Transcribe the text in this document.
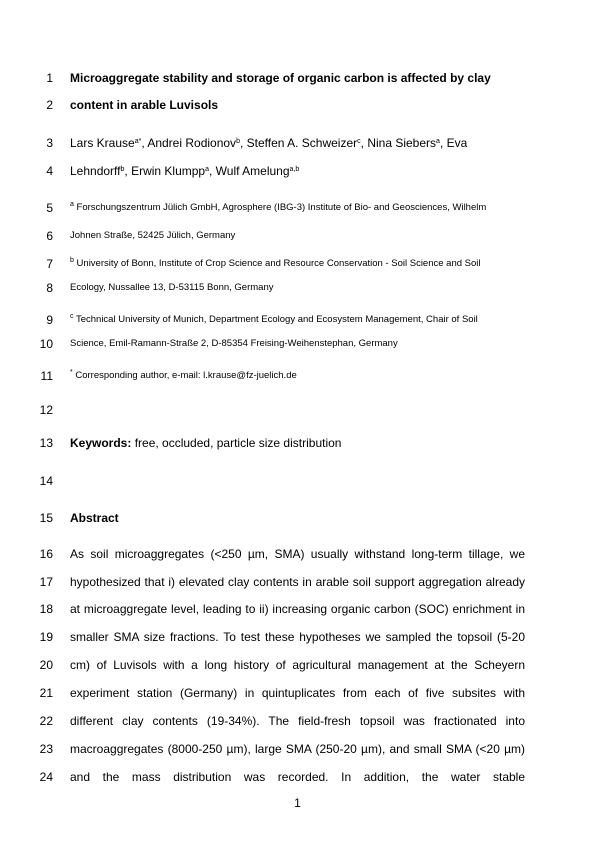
1 Microaggregate stability and storage of organic carbon is affected by clay
2 content in arable Luvisols
3 Lars Krause$^{a*}$, Andrei Rodionov$^b$, Steffen A. Schweizer$^c$, Nina Siebers$^a$, Eva
4 Lehndorff$^b$, Erwin Klumpp$^a$, Wulf Amelung$^{a,b}$
5 $^a$ Forschungszentrum Jülich GmbH, Agrosphere (IBG-3) Institute of Bio- and Geosciences, Wilhelm
6 Johnen Straße, 52425 Jülich, Germany
7 $^b$ University of Bonn, Institute of Crop Science and Resource Conservation - Soil Science and Soil
8 Ecology, Nussallee 13, D-53115 Bonn, Germany
9 $^c$ Technical University of Munich, Department Ecology and Ecosystem Management, Chair of Soil
10 Science, Emil-Ramann-Straße 2, D-85354 Freising-Weihenstephan, Germany
11 * Corresponding author, e-mail: l.krause@fz-juelich.de
12
13 Keywords: free, occluded, particle size distribution
14
15 Abstract
16 As soil microaggregates (<250 µm, SMA) usually withstand long-term tillage, we
17 hypothesized that i) elevated clay contents in arable soil support aggregation already
18 at microaggregate level, leading to ii) increasing organic carbon (SOC) enrichment in
19 smaller SMA size fractions. To test these hypotheses we sampled the topsoil (5-20
20 cm) of Luvisols with a long history of agricultural management at the Scheyern
21 experiment station (Germany) in quintuplicates from each of five subsites with
22 different clay contents (19-34%). The field-fresh topsoil was fractionated into
23 macroaggregates (8000-250 µm), large SMA (250-20 µm), and small SMA (<20 µm)
24 and the mass distribution was recorded. In addition, the water stable
1
